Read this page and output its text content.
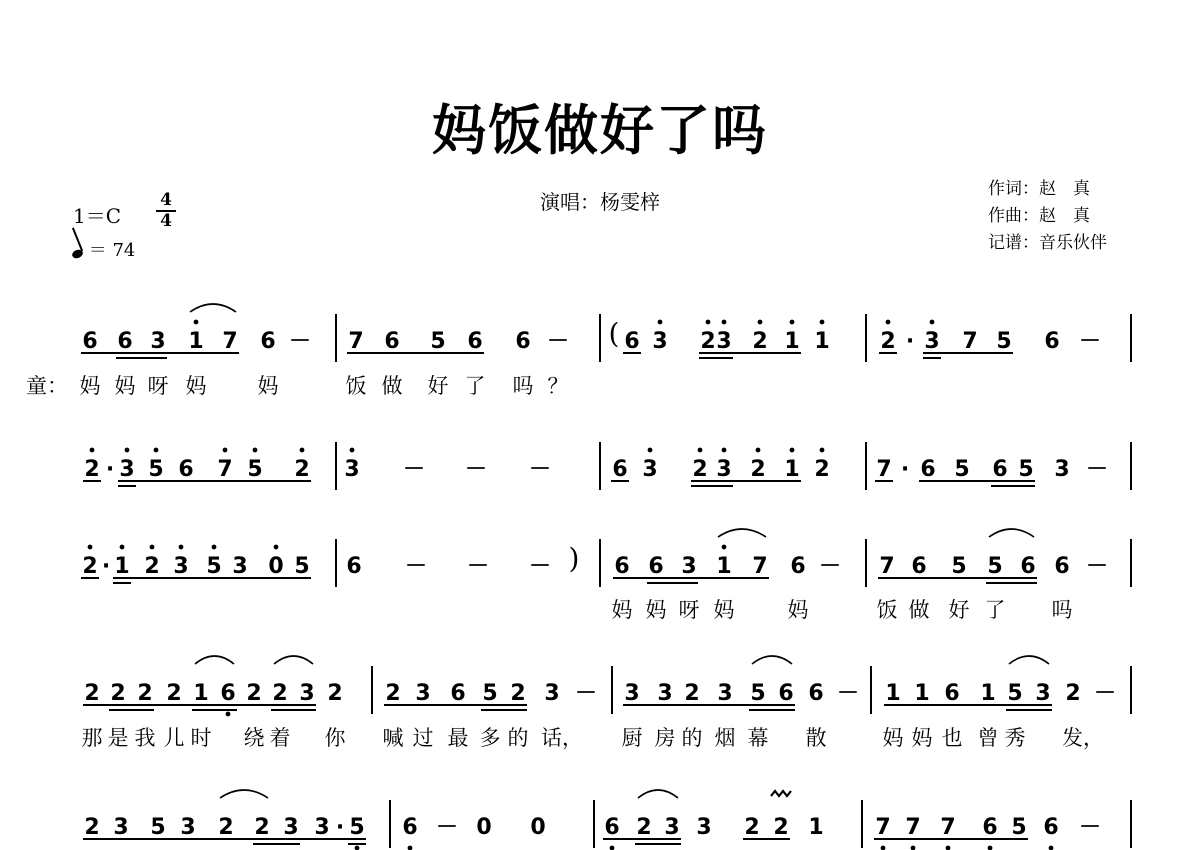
妈饭做好了吗
演唱：杨雯梓
作词：赵　真
作曲：赵　真
记谱：音乐伙伴
1＝C
4
4
＝ 74
6 6 3 1 7 6 － 7 6 5 6 6 － ( 6 3 2 3 2 1 1 2 · 3 7 5 6 －
童： 妈 妈 呀 妈 妈	饭 做 好 了 吗 ？
2 · 3 5 6 7 5 2 3 － － －	6 3 2 3 2 1 2 7 · 6 5 6 5 3 －
2 · 1 2 3 5 3 0 5 6 － － － ) 6 6 3 1 7 6 － 7 6 5 5 6 6 －
妈 妈 呀 妈	妈	饭 做 好 了 吗
2 2 2 2 1 6 2 2 3 2 2 3 6 5 2 3 － 3 3 2 3 5 6 6 － 1 1 6 1 5 3 2 －
那 是 我 儿 时 绕 着 你 喊 过 最 多 的 话， 厨 房 的 烟 幕 散	妈 妈 也 曾 秀 发，
2 3 5 3 2 2 3 3 · 5 6 － 0 0	6 2 3 3 2 2 1 7 7 7 6 5 6 －
